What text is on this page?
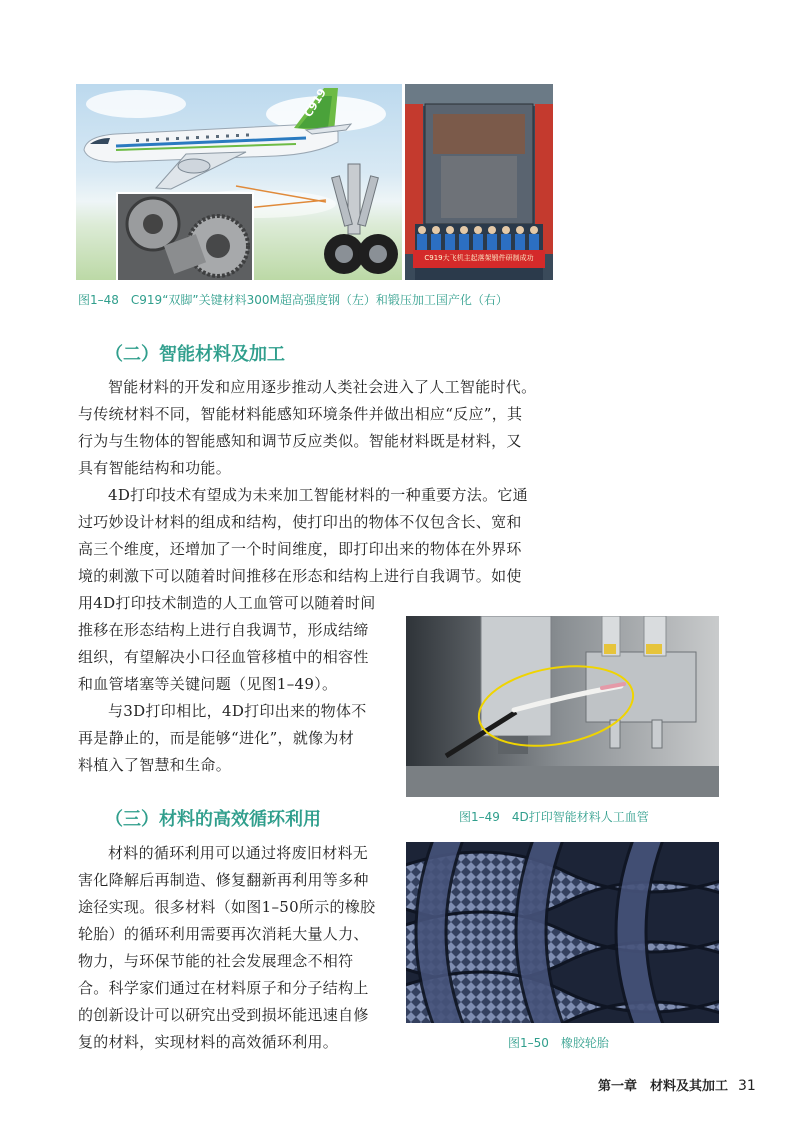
C919
C919大飞机主起落架锻件研制成功
图1–48　C919“双脚”关键材料300M超高强度钢（左）和锻压加工国产化（右）
（二）智能材料及加工
智能材料的开发和应用逐步推动人类社会进入了人工智能时代。
与传统材料不同，智能材料能感知环境条件并做出相应“反应”，其
行为与生物体的智能感知和调节反应类似。智能材料既是材料，又
具有智能结构和功能。
4D打印技术有望成为未来加工智能材料的一种重要方法。它通
过巧妙设计材料的组成和结构，使打印出的物体不仅包含长、宽和
高三个维度，还增加了一个时间维度，即打印出来的物体在外界环
境的刺激下可以随着时间推移在形态和结构上进行自我调节。如使
用4D打印技术制造的人工血管可以随着时间
推移在形态结构上进行自我调节，形成结缔
组织，有望解决小口径血管移植中的相容性
和血管堵塞等关键问题（见图1–49）。
与3D打印相比，4D打印出来的物体不
再是静止的，而是能够“进化”，就像为材
料植入了智慧和生命。
图1–49　4D打印智能材料人工血管
（三）材料的高效循环利用
材料的循环利用可以通过将废旧材料无
害化降解后再制造、修复翻新再利用等多种
途径实现。很多材料（如图1–50所示的橡胶
轮胎）的循环利用需要再次消耗大量人力、
物力，与环保节能的社会发展理念不相符
合。科学家们通过在材料原子和分子结构上
的创新设计可以研究出受到损坏能迅速自修
复的材料，实现材料的高效循环利用。	图1–50　橡胶轮胎
第一章　材料及其加工 31
